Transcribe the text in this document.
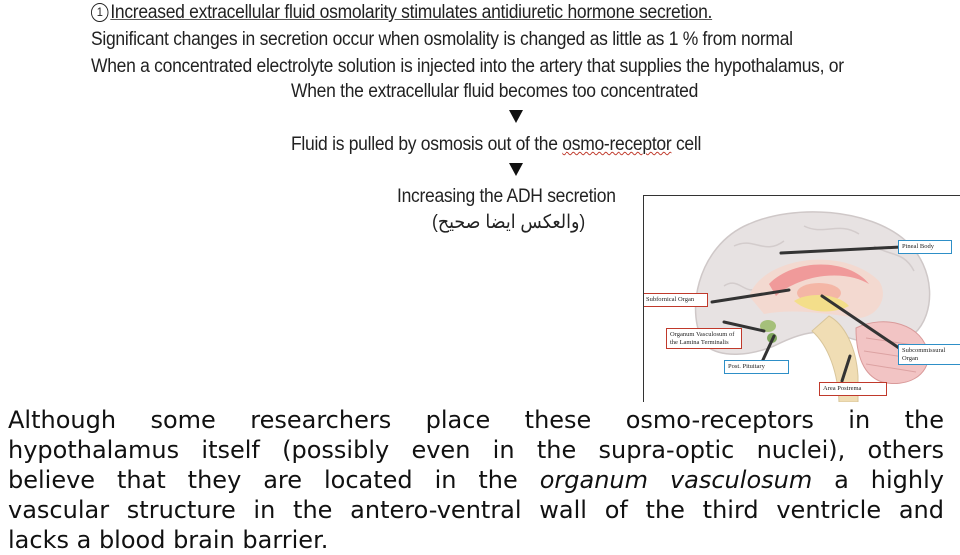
1 Increased extracellular fluid osmolarity stimulates antidiuretic hormone secretion.
Significant changes in secretion occur when osmolality is changed as little as 1 % from normal
When a concentrated electrolyte solution is injected into the artery that supplies the hypothalamus, or
When the extracellular fluid becomes too concentrated
Fluid is pulled by osmosis out of the osmo-receptor cell
Increasing the ADH secretion
(والعكس ايضا صحيح)
Pineal Body
Subfornical Organ
Organum Vasculosum of the Lamina Terminalis
Post. Pituitary
Subcommissural Organ
Area Postrema

Although some researchers place these osmo-receptors in the
hypothalamus itself (possibly even in the supra-optic nuclei), others
believe that they are located in the organum vasculosum a highly
vascular structure in the antero-ventral wall of the third ventricle and
lacks a blood brain barrier.
